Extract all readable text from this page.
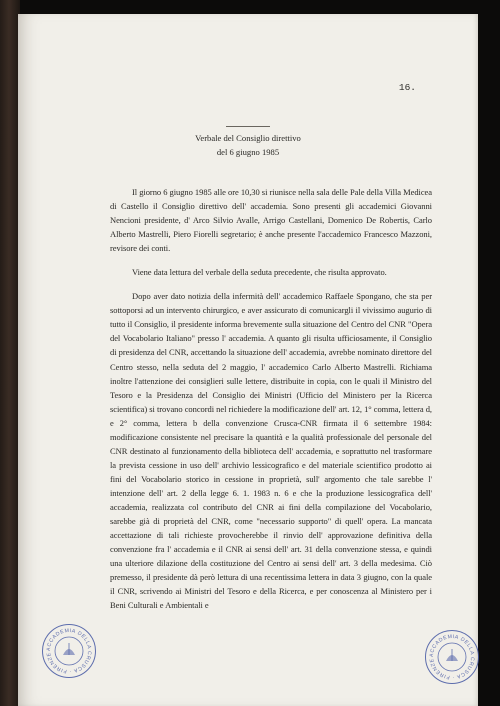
16.
Verbale del Consiglio direttivo
del 6 giugno 1985

Il giorno 6 giugno 1985 alle ore 10,30 si riunisce nella sala delle Pale della Villa Medicea di Castello il Consiglio direttivo dell' accademia. Sono presenti gli accademici Giovanni Nencioni presidente, d' Arco Silvio Avalle, Arrigo Castellani, Domenico De Robertis, Carlo Alberto Mastrelli, Piero Fiorelli segretario; è anche presente l'accademico Francesco Mazzoni, revisore dei conti.

Viene data lettura del verbale della seduta precedente, che risulta approvato.

Dopo aver dato notizia della infermità dell' accademico Raffaele Spongano, che sta per sottoporsi ad un intervento chirurgico, e aver assicurato di comunicargli il vivissimo augurio di tutto il Consiglio, il presidente informa brevemente sulla situazione del Centro del CNR "Opera del Vocabolario Italiano" presso l' accademia. A quanto gli risulta ufficiosamente, il Consiglio di presidenza del CNR, accettando la situazione dell' accademia, avrebbe nominato direttore del Centro stesso, nella seduta del 2 maggio, l' accademico Carlo Alberto Mastrelli. Richiama inoltre l'attenzione dei consiglieri sulle lettere, distribuite in copia, con le quali il Ministro del Tesoro e la Presidenza del Consiglio dei Ministri (Ufficio del Ministero per la Ricerca scientifica) si trovano concordi nel richiedere la modificazione dell' art. 12, 1° comma, lettera d, e 2° comma, lettera b della convenzione Crusca-CNR firmata il 6 settembre 1984: modificazione consistente nel precisare la quantità e la qualità professionale del personale del CNR destinato al funzionamento della biblioteca dell' accademia, e soprattutto nel trasformare la prevista cessione in uso dell' archivio lessicografico e del materiale scientifico prodotto ai fini del Vocabolario storico in cessione in proprietà, sull' argomento che tale sarebbe l' intenzione dell' art. 2 della legge 6. 1. 1983 n. 6 e che la produzione lessicografica dell' accademia, realizzata col contributo del CNR ai fini della compilazione del Vocabolario, sarebbe già di proprietà del CNR, come "necessario supporto" di quell' opera. La mancata accettazione di tali richieste provocherebbe il rinvio dell' approvazione definitiva della convenzione fra l' accademia e il CNR ai sensi dell' art. 31 della convenzione stessa, e quindi una ulteriore dilazione della costituzione del Centro ai sensi dell' art. 3 della medesima. Ciò premesso, il presidente dà però lettura di una recentissima lettera in data 3 giugno, con la quale il CNR, scrivendo ai Ministri del Tesoro e della Ricerca, e per conoscenza al Ministero per i Beni Culturali e Ambientali e

ACCADEMIA DELLA CRUSCA · FIRENZE	ACCADEMIA DELLA CRUSCA · FIRENZE
